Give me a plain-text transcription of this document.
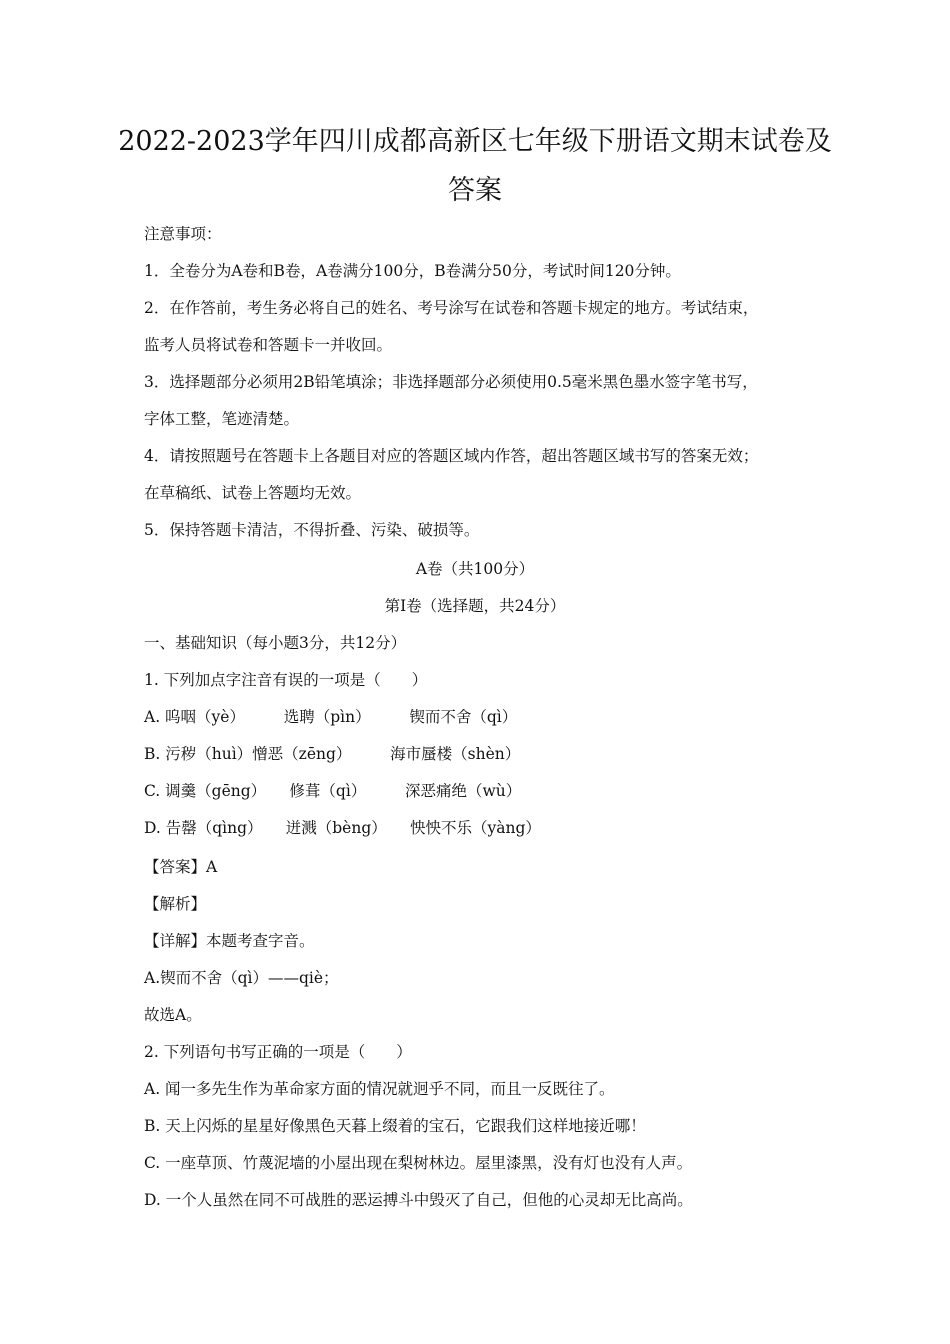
2022-2023学年四川成都高新区七年级下册语文期末试卷及
答案
注意事项：
1．全卷分为A卷和B卷，A卷满分100分，B卷满分50分，考试时间120分钟。
2．在作答前，考生务必将自己的姓名、考号涂写在试卷和答题卡规定的地方。考试结束，
监考人员将试卷和答题卡一并收回。
3．选择题部分必须用2B铅笔填涂；非选择题部分必须使用0.5毫米黑色墨水签字笔书写，
字体工整，笔迹清楚。
4．请按照题号在答题卡上各题目对应的答题区域内作答，超出答题区域书写的答案无效；
在草稿纸、试卷上答题均无效。
5．保持答题卡清洁，不得折叠、污染、破损等。
A卷（共100分）
第I卷（选择题，共24分）
一、基础知识（每小题3分，共12分）
1. 下列加点字注音有误的一项是（　　）
A. 呜咽（yè）　　　选聘（pìn）　　　锲而不舍（qì）
B. 污秽（huì）憎恶（zēng）　　　海市蜃楼（shèn）
C. 调羹（gēng）　　修葺（qì）　　　深恶痛绝（wù）
D. 告罄（qìng）　　迸溅（bèng）　　怏怏不乐（yàng）
【答案】A
【解析】
【详解】本题考查字音。
A.锲而不舍（qì）——qiè；
故选A。
2. 下列语句书写正确的一项是（　　）
A. 闻一多先生作为革命家方面的情况就迥乎不同，而且一反既往了。
B. 天上闪烁的星星好像黑色天暮上缀着的宝石，它跟我们这样地接近哪！
C. 一座草顶、竹蔑泥墙的小屋出现在梨树林边。屋里漆黑，没有灯也没有人声。
D. 一个人虽然在同不可战胜的恶运搏斗中毁灭了自己，但他的心灵却无比高尚。
